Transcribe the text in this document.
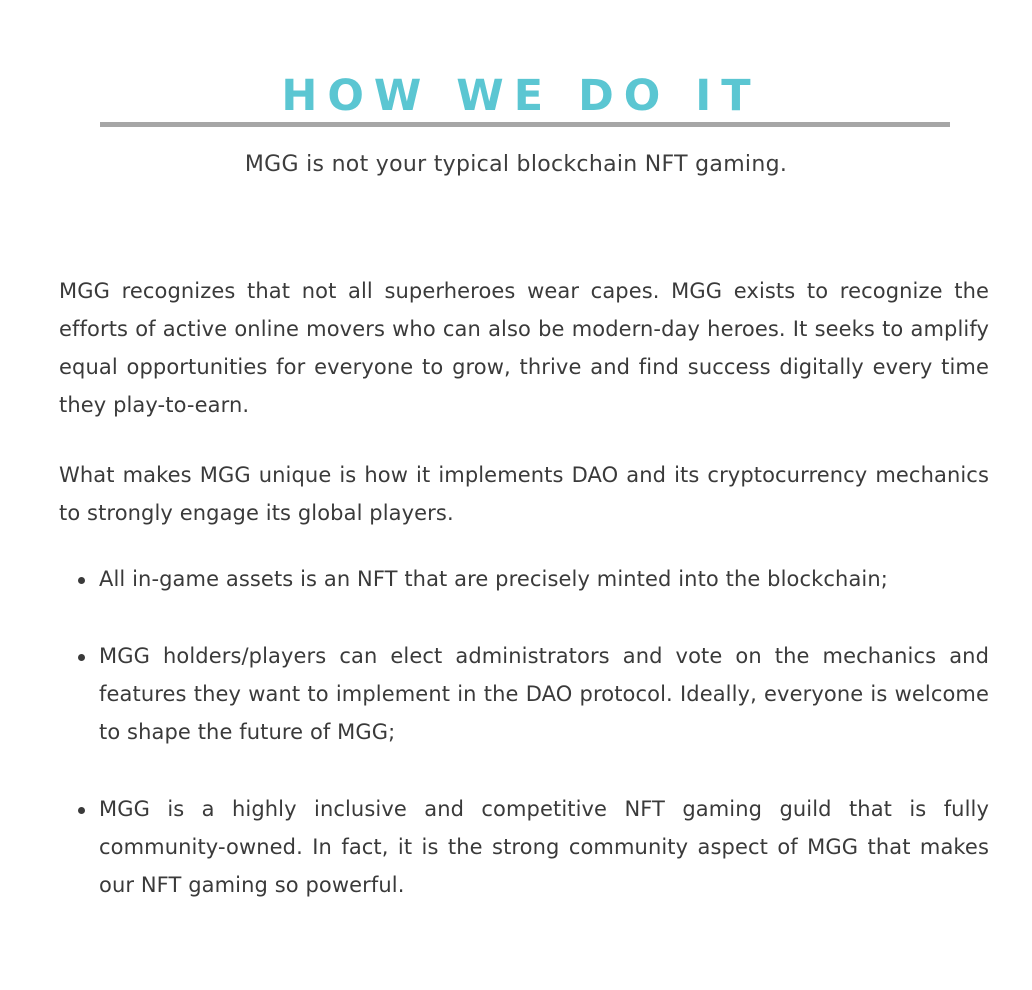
HOW WE DO IT
MGG is not your typical blockchain NFT gaming.

MGG recognizes that not all superheroes wear capes. MGG exists to recognize the efforts of active online movers who can also be modern-day heroes. It seeks to amplify equal opportunities for everyone to grow, thrive and find success digitally every time they play-to-earn.

What makes MGG unique is how it implements DAO and its cryptocurrency mechanics to strongly engage its global players.

All in-game assets is an NFT that are precisely minted into the blockchain;
MGG holders/players can elect administrators and vote on the mechanics and features they want to implement in the DAO protocol. Ideally, everyone is welcome to shape the future of MGG;
MGG is a highly inclusive and competitive NFT gaming guild that is fully community-owned. In fact, it is the strong community aspect of MGG that makes our NFT gaming so powerful.
